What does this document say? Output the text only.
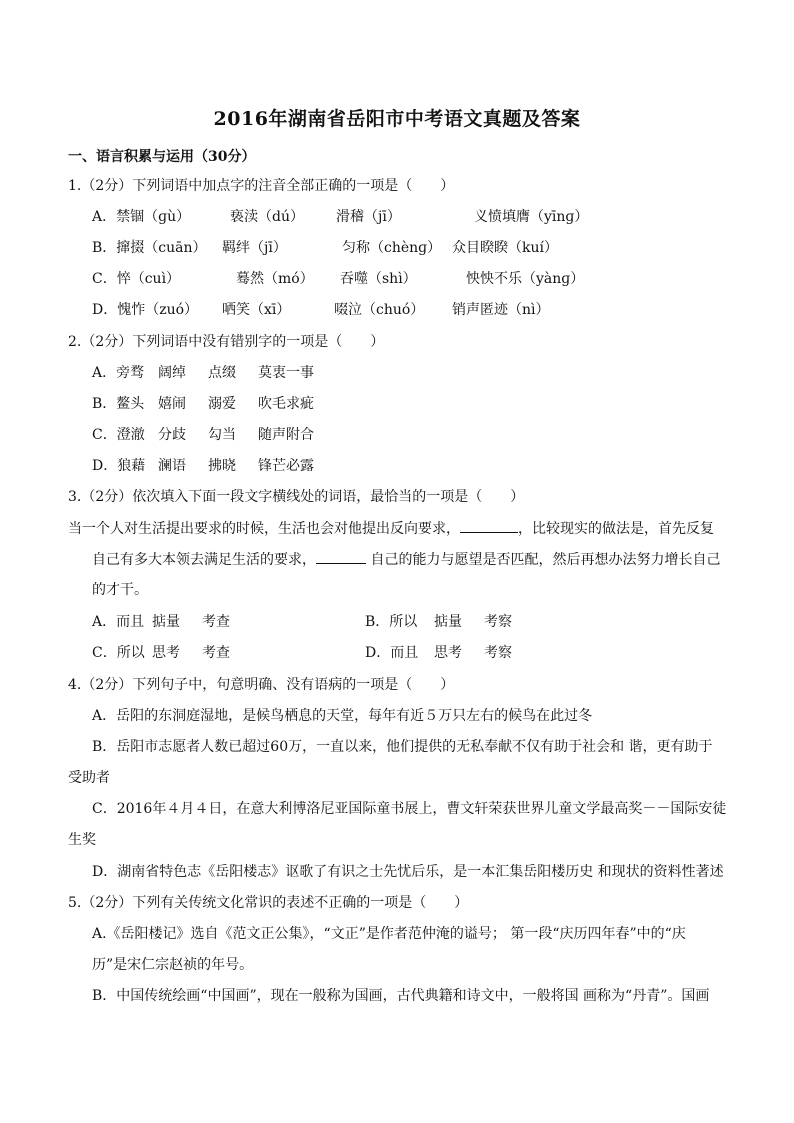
2016年湖南省岳阳市中考语文真题及答案
一、语言积累与运用（30分）
1.（2分）下列词语中加点字的注音全部正确的一项是（　　）
A．禁锢（ɡù）	亵渎（dú） 滑稽（jī）	义愤填膺（yīnɡ）
B．撺掇（cuān） 羁绊（jī）	匀称（chènɡ） 众目睽睽（kuí）
C．悴（cuì）	蓦然（mó） 吞噬（shì）	怏怏不乐（yànɡ）
D．愧怍（zuó） 哂笑（xī）	啜泣（chuó） 销声匿迹（nì）
2.（2分）下列词语中没有错别字的一项是（　　）
A．旁骛 阔绰 点缀 莫衷一事
B．鳌头 嬉闹 溺爱 吹毛求疵
C．澄澈 分歧 勾当 随声附合
D．狼藉 澜语 拂晓 锋芒必露
3.（2分）依次填入下面一段文字横线处的词语，最恰当的一项是（　　）
当一个人对生活提出要求的时候，生活也会对他提出反向要求，	，比较现实的做法是，首先反复
自己有多大本领去满足生活的要求，	自己的能力与愿望是否匹配，然后再想办法努力增长自己
的才干。
A．而且 掂量 考查	B．所以 掂量 考察
C．所以 思考 考查	D．而且 思考 考察
4.（2分）下列句子中，句意明确、没有语病的一项是（　　）
A．岳阳的东洞庭湿地，是候鸟栖息的天堂，每年有近５万只左右的候鸟在此过冬
B．岳阳市志愿者人数已超过60万，一直以来，他们提供的无私奉献不仅有助于社会和 谐，更有助于
受助者
C．2016年４月４日，在意大利博洛尼亚国际童书展上，曹文轩荣获世界儿童文学最高奖－－国际安徒
生奖
D．湖南省特色志《岳阳楼志》讴歌了有识之士先忧后乐，是一本汇集岳阳楼历史 和现状的资料性著述
5.（2分）下列有关传统文化常识的表述不正确的一项是（　　）
A.《岳阳楼记》选自《范文正公集》，“文正”是作者范仲淹的谥号； 第一段“庆历四年春”中的“庆
历”是宋仁宗赵祯的年号。
B．中国传统绘画“中国画”，现在一般称为国画，古代典籍和诗文中，一般将国 画称为“丹青”。国画
